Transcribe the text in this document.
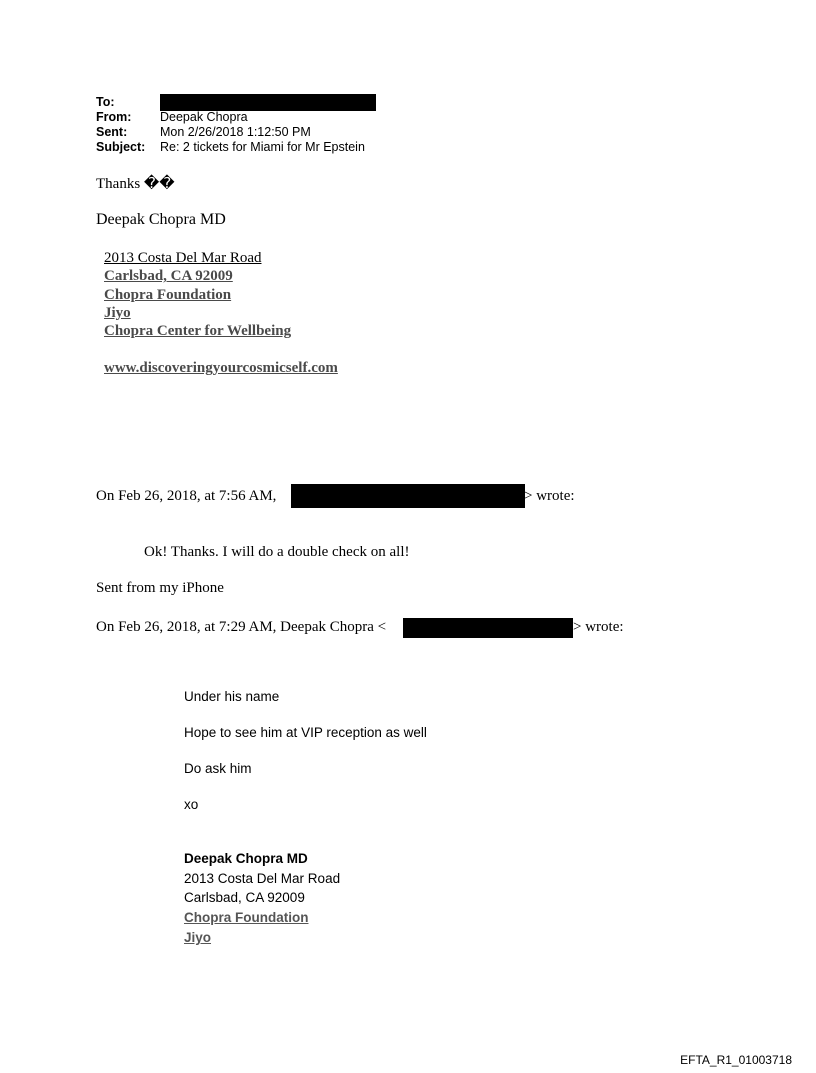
To:
From:	Deepak Chopra
Sent:	Mon 2/26/2018 1:12:50 PM
Subject:	Re: 2 tickets for Miami for Mr Epstein
Thanks ��
Deepak Chopra MD
2013 Costa Del Mar Road
Carlsbad, CA 92009
Chopra Foundation
Jiyo
Chopra Center for Wellbeing
www.discoveringyourcosmicself.com
On Feb 26, 2018, at 7:56 AM,	> wrote:
Ok! Thanks. I will do a double check on all!
Sent from my iPhone
On Feb 26, 2018, at 7:29 AM, Deepak Chopra <	> wrote:
Under his name
Hope to see him at VIP reception as well
Do ask him
xo
Deepak Chopra MD
2013 Costa Del Mar Road
Carlsbad, CA 92009
Chopra Foundation
Jiyo
EFTA_R1_01003718
